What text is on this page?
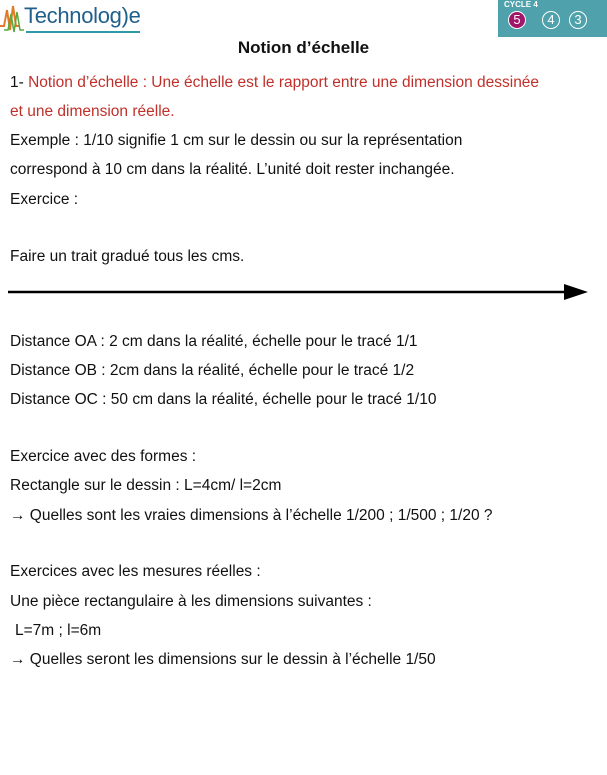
Technolog)e	CYCLE 4
5	4	3
Notion d’échelle
1- Notion d’échelle : Une échelle est le rapport entre une dimension dessinée
et une dimension réelle.
Exemple : 1/10 signifie 1 cm sur le dessin ou sur la représentation
correspond à 10 cm dans la réalité. L’unité doit rester inchangée.
Exercice :
Faire un trait gradué tous les cms.
Distance OA : 2 cm dans la réalité, échelle pour le tracé 1/1
Distance OB : 2cm dans la réalité, échelle pour le tracé 1/2
Distance OC : 50 cm dans la réalité, échelle pour le tracé 1/10
Exercice avec des formes :
Rectangle sur le dessin : L=4cm/ l=2cm
→ Quelles sont les vraies dimensions à l’échelle 1/200 ; 1/500 ; 1/20 ?
Exercices avec les mesures réelles :
Une pièce rectangulaire à les dimensions suivantes :
L=7m ; l=6m
→ Quelles seront les dimensions sur le dessin à l’échelle 1/50
